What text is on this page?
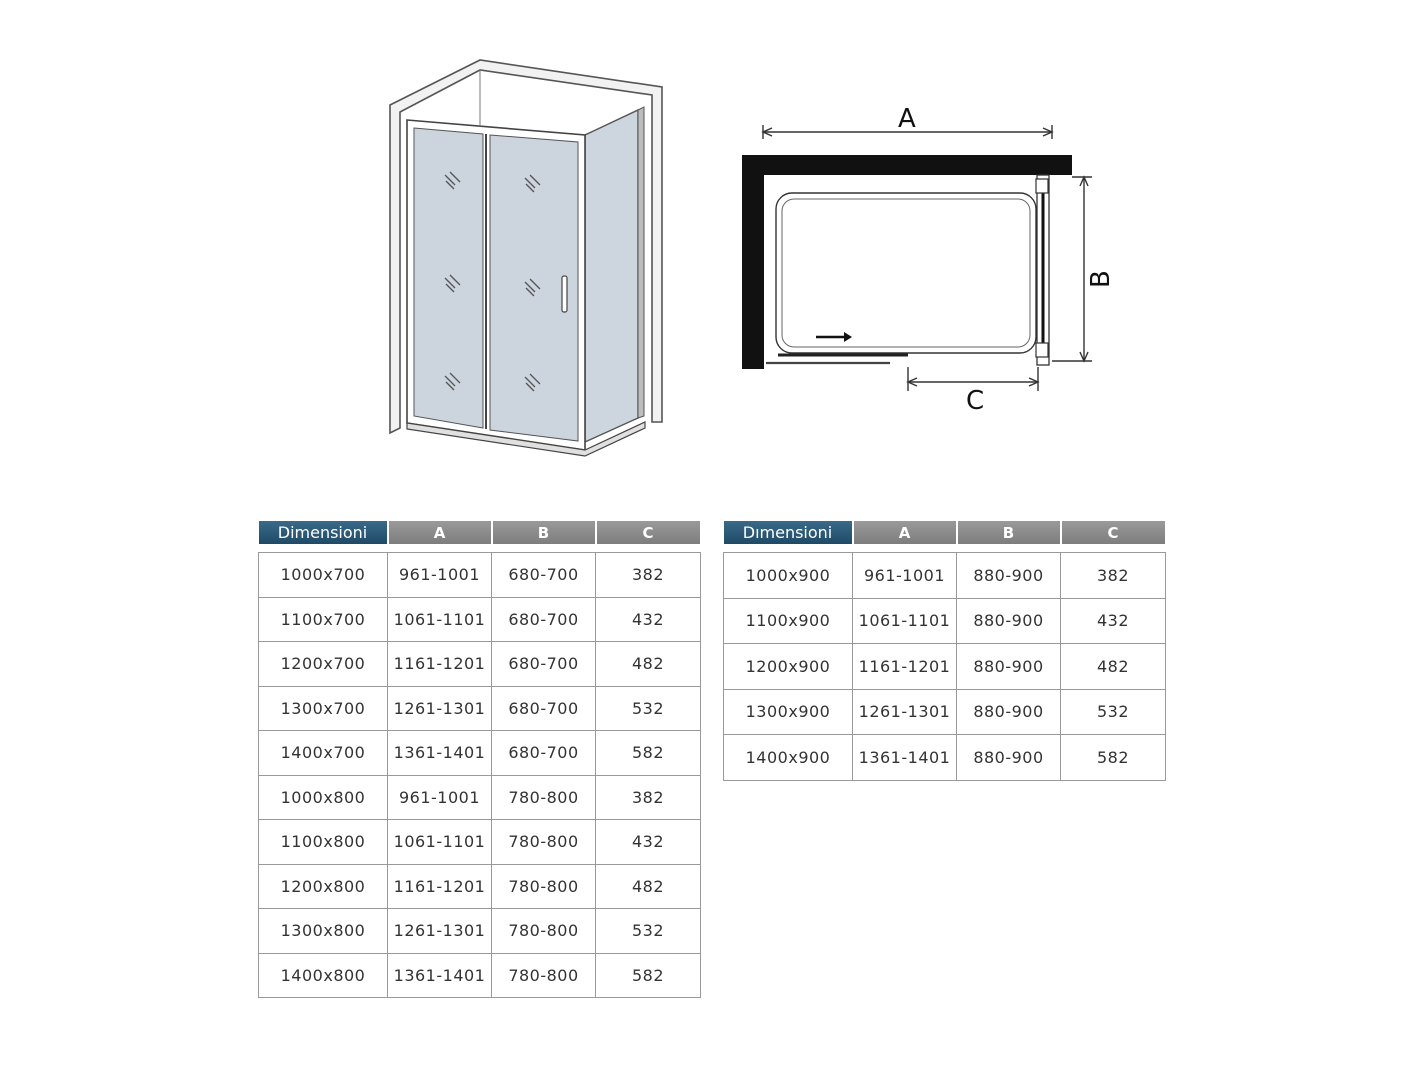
A
B
C
Dimensioni	A	B	C

1000x700	961-1001	680-700	382
1100x700	1061-1101	680-700	432
1200x700	1161-1201	680-700	482
1300x700	1261-1301	680-700	532
1400x700	1361-1401	680-700	582
1000x800	961-1001	780-800	382
1100x800	1061-1101	780-800	432
1200x800	1161-1201	780-800	482
1300x800	1261-1301	780-800	532
1400x800	1361-1401	780-800	582
Dımensioni	A	B	C

1000x900	961-1001	880-900	382
1100x900	1061-1101	880-900	432
1200x900	1161-1201	880-900	482
1300x900	1261-1301	880-900	532
1400x900	1361-1401	880-900	582
